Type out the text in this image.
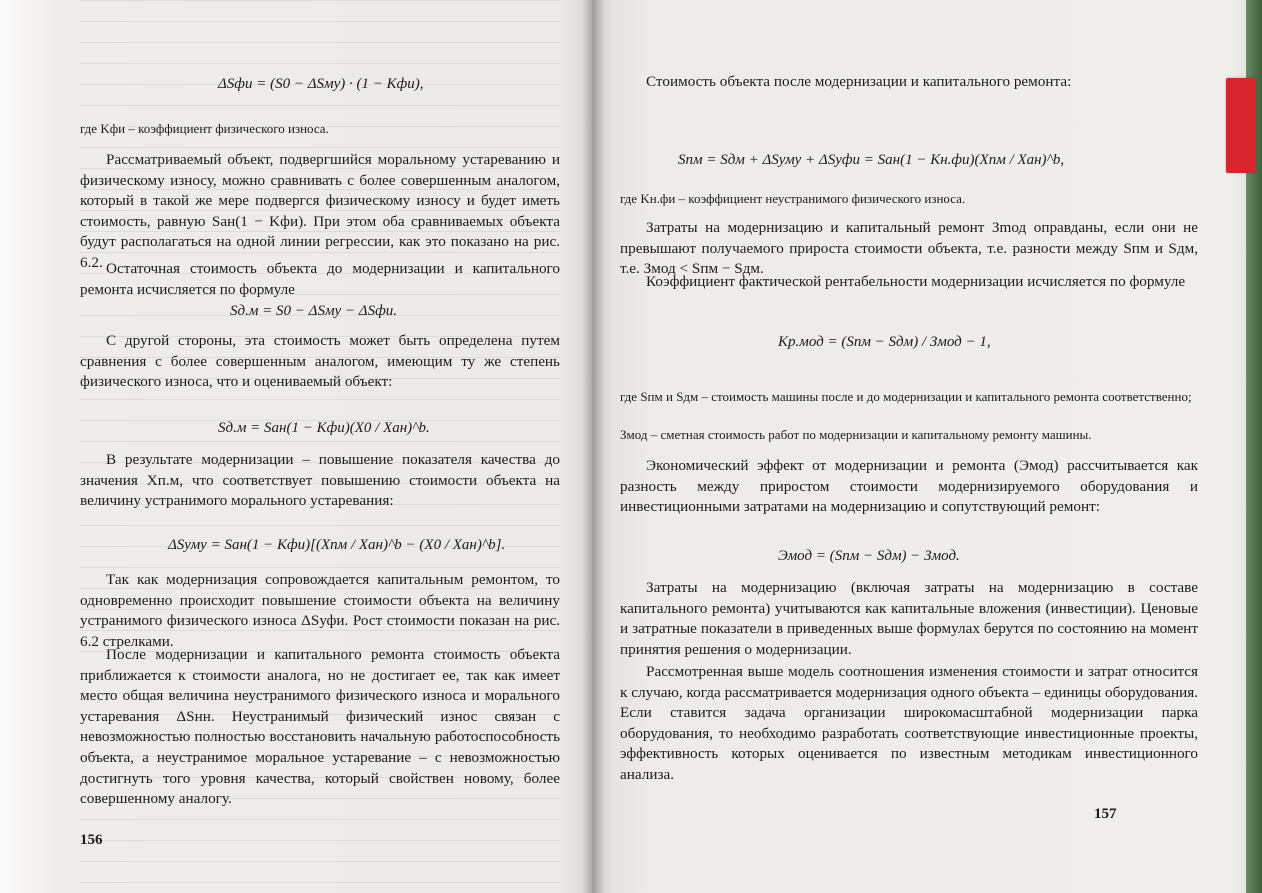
ΔSфи = (S0 − ΔSму) · (1 − Kфи),
где Kфи – коэффициент физического износа.

Рассматриваемый объект, подвергшийся моральному устареванию и физическому износу, можно сравнивать с более совершенным аналогом, который в такой же мере подвергся физическому износу и будет иметь стоимость, равную Sан(1 − Kфи). При этом оба сравниваемых объекта будут располагаться на одной линии регрессии, как это показано на рис. 6.2. Остаточная стоимость объекта до модернизации и капитального ремонта исчисляется по формуле

Sд.м = S0 − ΔSму − ΔSфи.

С другой стороны, эта стоимость может быть определена путем сравнения с более совершенным аналогом, имеющим ту же степень физического износа, что и оцениваемый объект:

Sд.м = Sан(1 − Kфи)(X0 / Xан)^b.

В результате модернизации – повышение показателя качества до значения Xп.м, что соответствует повышению стоимости объекта на величину устранимого морального устаревания:

ΔSуму = Sан(1 − Kфи)[(Xпм / Xан)^b − (X0 / Xан)^b].

Так как модернизация сопровождается капитальным ремонтом, то одновременно происходит повышение стоимости объекта на величину устранимого физического износа ΔSуфи. Рост стоимости показан на рис. 6.2 стрелками.

После модернизации и капитального ремонта стоимость объекта приближается к стоимости аналога, но не достигает ее, так как имеет место общая величина неустранимого физического износа и морального устаревания ΔSнн. Неустранимый физический износ связан с невозможностью полностью восстановить начальную работоспособность объекта, а неустранимое моральное устаревание – с невозможностью достигнуть того уровня качества, который свойствен новому, более совершенному аналогу.

156

Стоимость объекта после модернизации и капитального ремонта:

Sпм = Sдм + ΔSуму + ΔSуфи = Sан(1 − Kн.фи)(Xпм / Xан)^b,
где Kн.фи – коэффициент неустранимого физического износа.

Затраты на модернизацию и капитальный ремонт Зmод оправданы, если они не превышают получаемого прироста стоимости объекта, т.е. разности между Sпм и Sдм, т.е. Змод < Sпм − Sдм.

Коэффициент фактической рентабельности модернизации исчисляется по формуле

Kр.мод = (Sпм − Sдм) / Змод − 1,
где Sпм и Sдм – стоимость машины после и до модернизации и капитального ремонта соответственно;
Змод – сметная стоимость работ по модернизации и капитальному ремонту машины.

Экономический эффект от модернизации и ремонта (Эмод) рассчитывается как разность между приростом стоимости модернизируемого оборудования и инвестиционными затратами на модернизацию и сопутствующий ремонт:

Эмод = (Sпм − Sдм) − Змод.

Затраты на модернизацию (включая затраты на модернизацию в составе капитального ремонта) учитываются как капитальные вложения (инвестиции). Ценовые и затратные показатели в приведенных выше формулах берутся по состоянию на момент принятия решения о модернизации.

Рассмотренная выше модель соотношения изменения стоимости и затрат относится к случаю, когда рассматривается модернизация одного объекта – единицы оборудования. Если ставится задача организации широкомасштабной модернизации парка оборудования, то необходимо разработать соответствующие инвестиционные проекты, эффективность которых оценивается по известным методикам инвестиционного анализа.

157
